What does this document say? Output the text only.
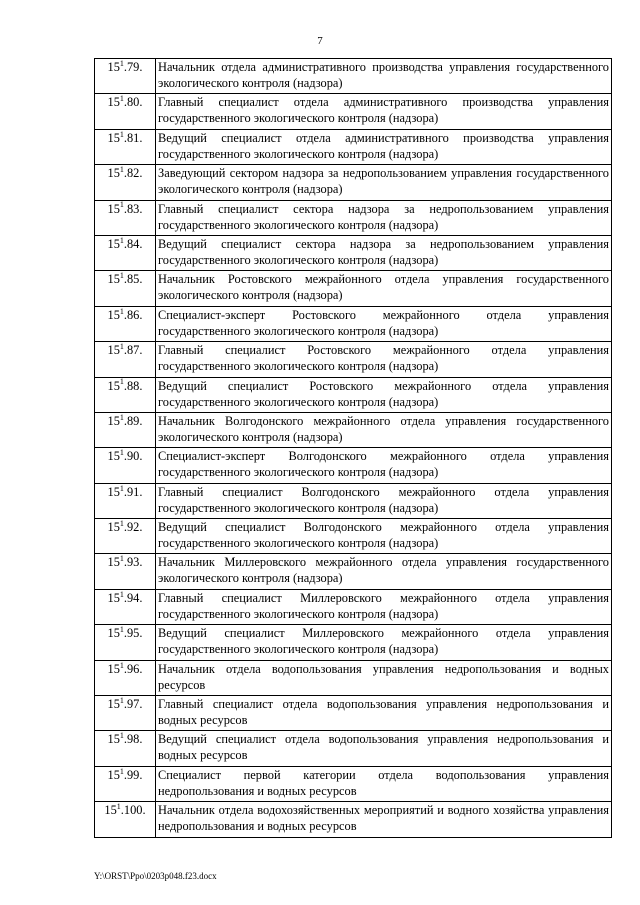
7
$15^1.79$.	Начальник отдела административного производства управления государственного экологического контроля (надзора)
$15^1.80$.	Главный специалист отдела административного производства управления государственного экологического контроля (надзора)
$15^1.81$.	Ведущий специалист отдела административного производства управления государственного экологического контроля (надзора)
$15^1.82$.	Заведующий сектором надзора за недропользованием управления государственного экологического контроля (надзора)
$15^1.83$.	Главный специалист сектора надзора за недропользованием управления государственного экологического контроля (надзора)
$15^1.84$.	Ведущий специалист сектора надзора за недропользованием управления государственного экологического контроля (надзора)
$15^1.85$.	Начальник Ростовского межрайонного отдела управления государственного экологического контроля (надзора)
$15^1.86$.	Специалист-эксперт Ростовского межрайонного отдела управления государственного экологического контроля (надзора)
$15^1.87$.	Главный специалист Ростовского межрайонного отдела управления государственного экологического контроля (надзора)
$15^1.88$.	Ведущий специалист Ростовского межрайонного отдела управления государственного экологического контроля (надзора)
$15^1.89$.	Начальник Волгодонского межрайонного отдела управления государственного экологического контроля (надзора)
$15^1.90$.	Специалист-эксперт Волгодонского межрайонного отдела управления государственного экологического контроля (надзора)
$15^1.91$.	Главный специалист Волгодонского межрайонного отдела управления государственного экологического контроля (надзора)
$15^1.92$.	Ведущий специалист Волгодонского межрайонного отдела управления государственного экологического контроля (надзора)
$15^1.93$.	Начальник Миллеровского межрайонного отдела управления государственного экологического контроля (надзора)
$15^1.94$.	Главный специалист Миллеровского межрайонного отдела управления государственного экологического контроля (надзора)
$15^1.95$.	Ведущий специалист Миллеровского межрайонного отдела управления государственного экологического контроля (надзора)
$15^1.96$.	Начальник отдела водопользования управления недропользования и водных ресурсов
$15^1.97$.	Главный специалист отдела водопользования управления недропользования и водных ресурсов
$15^1.98$.	Ведущий специалист отдела водопользования управления недропользования и водных ресурсов
$15^1.99$.	Специалист первой категории отдела водопользования управления недропользования и водных ресурсов
$15^1.100$.	Начальник отдела водохозяйственных мероприятий и водного хозяйства управления недропользования и водных ресурсов
Y:\ORST\Ppo\0203p048.f23.docx
